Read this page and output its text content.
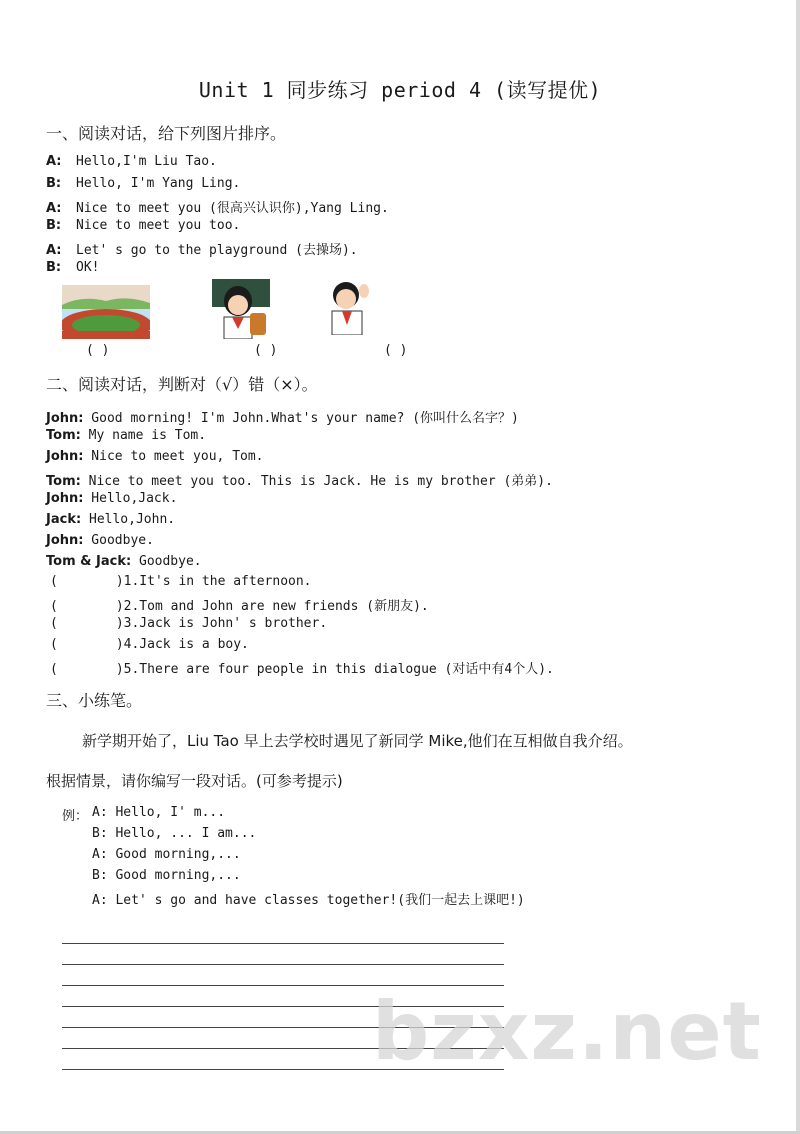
Unit 1 同步练习 period 4 (读写提优)
一、阅读对话，给下列图片排序。
A: Hello,I'm Liu Tao.
B: Hello, I'm Yang Ling.
A: Nice to meet you (很高兴认识你),Yang Ling.
B: Nice to meet you too.
A: Let' s go to the playground (去操场).
B: OK!
( )	( )	( )
二、阅读对话，判断对（√）错（×）。
John: Good morning! I'm John.What's your name? (你叫什么名字？)
Tom: My name is Tom.
John: Nice to meet you, Tom.
Tom: Nice to meet you too. This is Jack. He is my brother (弟弟).
John: Hello,Jack.
Jack: Hello,John.
John: Goodbye.
Tom & Jack: Goodbye.
(	)1.It's in the afternoon.
(	)2.Tom and John are new friends (新朋友).
(	)3.Jack is John' s brother.
(	)4.Jack is a boy.
(	)5.There are four people in this dialogue (对话中有4个人).
三、小练笔。
新学期开始了，Liu Tao 早上去学校时遇见了新同学 Mike,他们在互相做自我介绍。
根据情景，请你编写一段对话。(可参考提示)
例： A: Hello, I' m...
B: Hello, ... I am...
A: Good morning,...
B: Good morning,...
A: Let' s go and have classes together!(我们一起去上课吧!)
bzxz.net
